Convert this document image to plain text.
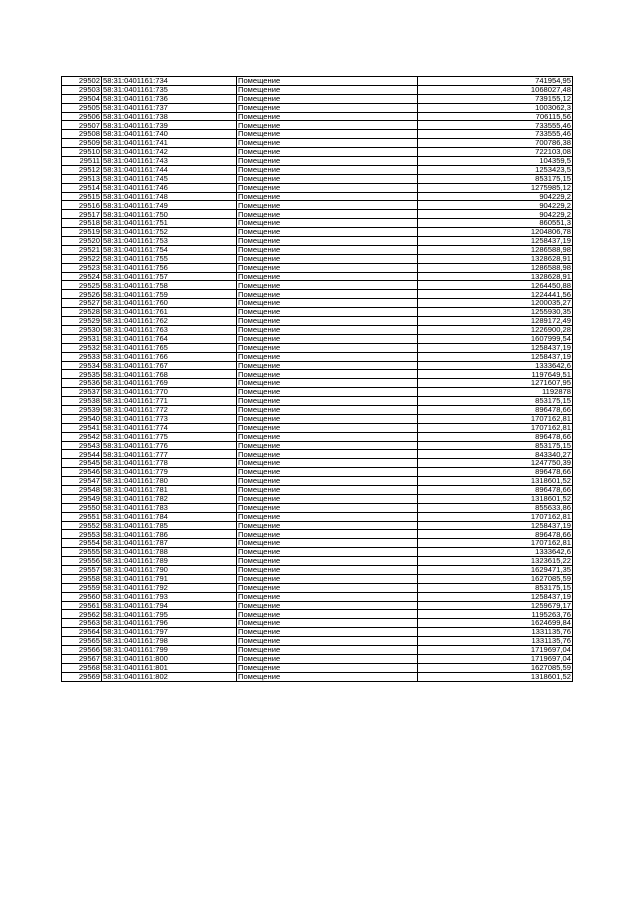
29502	58:31:0401161:734	Помещение	741954,95
29503	58:31:0401161:735	Помещение	1068027,48
29504	58:31:0401161:736	Помещение	739155,12
29505	58:31:0401161:737	Помещение	1003062,3
29506	58:31:0401161:738	Помещение	706115,56
29507	58:31:0401161:739	Помещение	733555,46
29508	58:31:0401161:740	Помещение	733555,46
29509	58:31:0401161:741	Помещение	700786,38
29510	58:31:0401161:742	Помещение	722103,08
29511	58:31:0401161:743	Помещение	104359,5
29512	58:31:0401161:744	Помещение	1253423,5
29513	58:31:0401161:745	Помещение	853175,15
29514	58:31:0401161:746	Помещение	1275985,12
29515	58:31:0401161:748	Помещение	904229,2
29516	58:31:0401161:749	Помещение	904229,2
29517	58:31:0401161:750	Помещение	904229,2
29518	58:31:0401161:751	Помещение	860551,3
29519	58:31:0401161:752	Помещение	1204806,78
29520	58:31:0401161:753	Помещение	1258437,19
29521	58:31:0401161:754	Помещение	1286588,98
29522	58:31:0401161:755	Помещение	1328628,91
29523	58:31:0401161:756	Помещение	1286588,98
29524	58:31:0401161:757	Помещение	1328628,91
29525	58:31:0401161:758	Помещение	1264450,88
29526	58:31:0401161:759	Помещение	1224441,56
29527	58:31:0401161:760	Помещение	1200035,27
29528	58:31:0401161:761	Помещение	1255930,35
29529	58:31:0401161:762	Помещение	1289172,49
29530	58:31:0401161:763	Помещение	1226900,28
29531	58:31:0401161:764	Помещение	1607999,54
29532	58:31:0401161:765	Помещение	1258437,19
29533	58:31:0401161:766	Помещение	1258437,19
29534	58:31:0401161:767	Помещение	1333642,6
29535	58:31:0401161:768	Помещение	1197649,51
29536	58:31:0401161:769	Помещение	1271607,95
29537	58:31:0401161:770	Помещение	1192878
29538	58:31:0401161:771	Помещение	853175,15
29539	58:31:0401161:772	Помещение	896478,66
29540	58:31:0401161:773	Помещение	1707162,81
29541	58:31:0401161:774	Помещение	1707162,81
29542	58:31:0401161:775	Помещение	896478,66
29543	58:31:0401161:776	Помещение	853175,15
29544	58:31:0401161:777	Помещение	843340,27
29545	58:31:0401161:778	Помещение	1247750,39
29546	58:31:0401161:779	Помещение	896478,66
29547	58:31:0401161:780	Помещение	1318601,52
29548	58:31:0401161:781	Помещение	896478,66
29549	58:31:0401161:782	Помещение	1318601,52
29550	58:31:0401161:783	Помещение	855633,86
29551	58:31:0401161:784	Помещение	1707162,81
29552	58:31:0401161:785	Помещение	1258437,19
29553	58:31:0401161:786	Помещение	896478,66
29554	58:31:0401161:787	Помещение	1707162,81
29555	58:31:0401161:788	Помещение	1333642,6
29556	58:31:0401161:789	Помещение	1323615,22
29557	58:31:0401161:790	Помещение	1629471,35
29558	58:31:0401161:791	Помещение	1627085,59
29559	58:31:0401161:792	Помещение	853175,15
29560	58:31:0401161:793	Помещение	1258437,19
29561	58:31:0401161:794	Помещение	1259679,17
29562	58:31:0401161:795	Помещение	1195263,76
29563	58:31:0401161:796	Помещение	1624699,84
29564	58:31:0401161:797	Помещение	1331135,76
29565	58:31:0401161:798	Помещение	1331135,76
29566	58:31:0401161:799	Помещение	1719697,04
29567	58:31:0401161:800	Помещение	1719697,04
29568	58:31:0401161:801	Помещение	1627085,59
29569	58:31:0401161:802	Помещение	1318601,52
